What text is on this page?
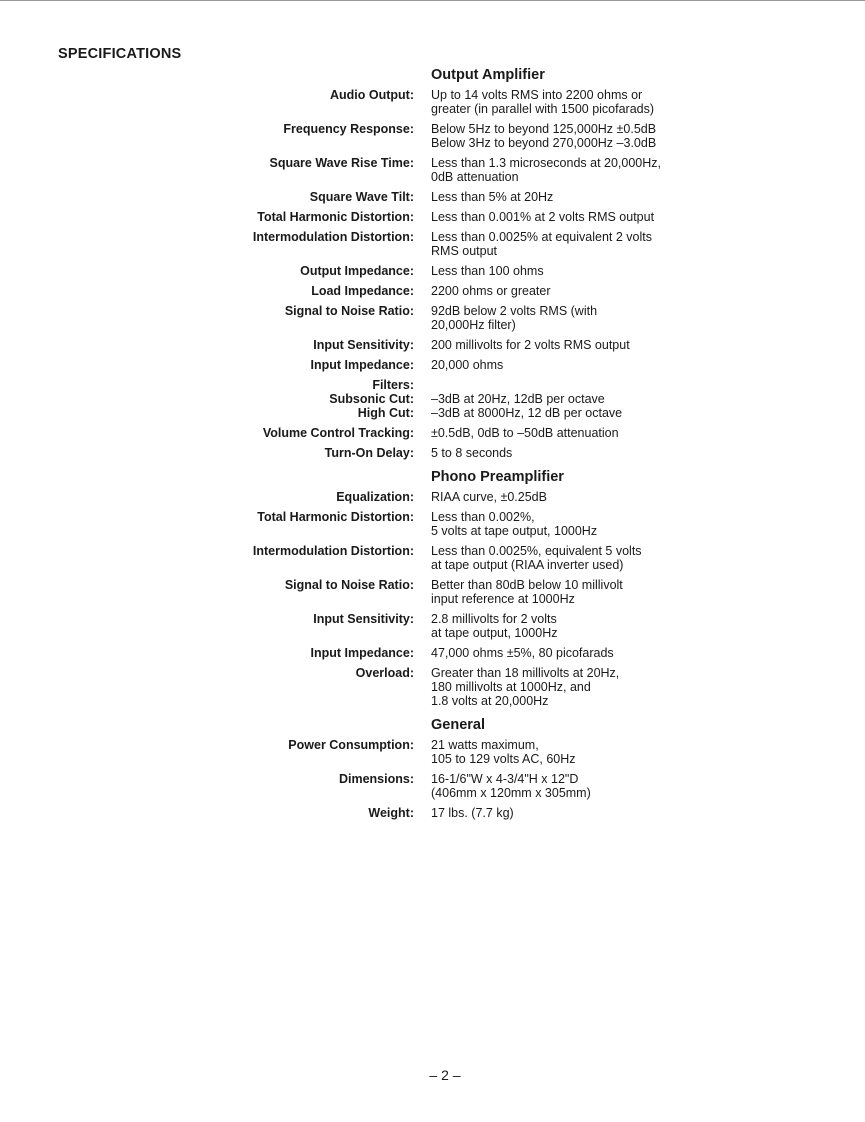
SPECIFICATIONS
	Output Amplifier
Audio Output:	Up to 14 volts RMS into 2200 ohms or
greater (in parallel with 1500 picofarads)

Frequency Response:	Below 5Hz to beyond 125,000Hz ±0.5dB
Below 3Hz to beyond 270,000Hz –3.0dB

Square Wave Rise Time:	Less than 1.3 microseconds at 20,000Hz,
0dB attenuation

Square Wave Tilt:	Less than 5% at 20Hz

Total Harmonic Distortion:	Less than 0.001% at 2 volts RMS output

Intermodulation Distortion:	Less than 0.0025% at equivalent 2 volts
RMS output

Output Impedance:	Less than 100 ohms

Load Impedance:	2200 ohms or greater

Signal to Noise Ratio:	92dB below 2 volts RMS (with
20,000Hz filter)

Input Sensitivity:	200 millivolts for 2 volts RMS output

Input Impedance:	20,000 ohms

Filters:	
Subsonic Cut:	–3dB at 20Hz, 12dB per octave

High Cut:	–3dB at 8000Hz, 12 dB per octave

Volume Control Tracking:	±0.5dB, 0dB to –50dB attenuation

Turn-On Delay:	5 to 8 seconds

	Phono Preamplifier
Equalization:	RIAA curve, ±0.25dB

Total Harmonic Distortion:	Less than 0.002%,
5 volts at tape output, 1000Hz

Intermodulation Distortion:	Less than 0.0025%, equivalent 5 volts
at tape output (RIAA inverter used)

Signal to Noise Ratio:	Better than 80dB below 10 millivolt
input reference at 1000Hz

Input Sensitivity:	2.8 millivolts for 2 volts
at tape output, 1000Hz

Input Impedance:	47,000 ohms ±5%, 80 picofarads

Overload:	Greater than 18 millivolts at 20Hz,
180 millivolts at 1000Hz, and
1.8 volts at 20,000Hz

	General
Power Consumption:	21 watts maximum,
105 to 129 volts AC, 60Hz

Dimensions:	16-1/6"W x 4-3/4"H x 12"D
(406mm x 120mm x 305mm)

Weight:	17 lbs. (7.7 kg)
– 2 –
